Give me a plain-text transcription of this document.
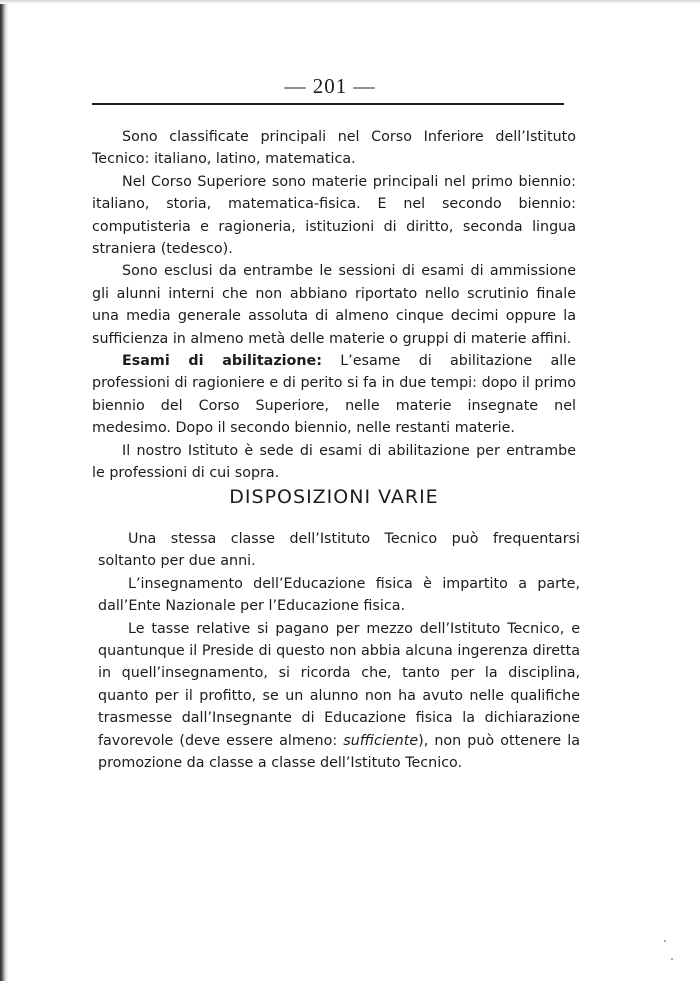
— 201 —

Sono classificate principali nel Corso Inferiore dell’Istituto Tecnico: italiano, latino, matematica.

Nel Corso Superiore sono materie principali nel primo biennio: italiano, storia, matematica-fisica. E nel secondo biennio: computisteria e ragioneria, istituzioni di diritto, seconda lingua straniera (tedesco).

Sono esclusi da entrambe le sessioni di esami di ammissione gli alunni interni che non abbiano riportato nello scrutinio finale una media generale assoluta di almeno cinque decimi oppure la sufficienza in almeno metà delle materie o gruppi di materie affini.

Esami di abilitazione: L’esame di abilitazione alle professioni di ragioniere e di perito si fa in due tempi: dopo il primo biennio del Corso Superiore, nelle materie insegnate nel medesimo. Dopo il secondo biennio, nelle restanti materie.

Il nostro Istituto è sede di esami di abilitazione per entrambe le professioni di cui sopra.

DISPOSIZIONI VARIE

Una stessa classe dell’Istituto Tecnico può frequentarsi soltanto per due anni.

L’insegnamento dell’Educazione fisica è impartito a parte, dall’Ente Nazionale per l’Educazione fisica.

Le tasse relative si pagano per mezzo dell’Istituto Tecnico, e quantunque il Preside di questo non abbia alcuna ingerenza diretta in quell’insegnamento, si ricorda che, tanto per la disciplina, quanto per il profitto, se un alunno non ha avuto nelle qualifiche trasmesse dall’Insegnante di Educazione fisica la dichiarazione favorevole (deve essere almeno: sufficiente), non può ottenere la promozione da classe a classe dell’Istituto Tecnico.
